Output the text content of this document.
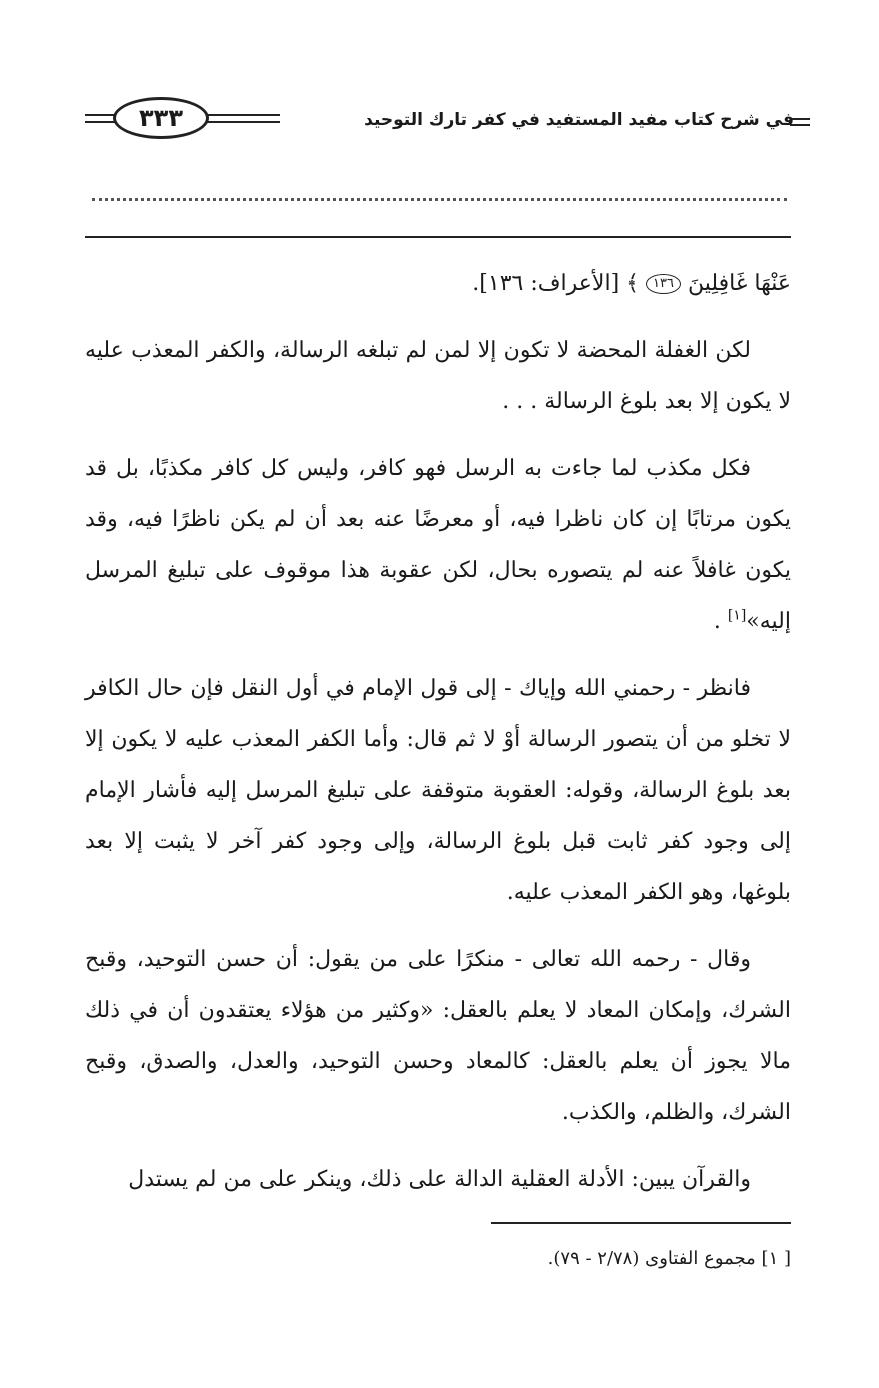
في شرح كتاب مفيد المستفيد في كفر تارك التوحيد
٣٣٣

عَنْهَا غَافِلِينَ ١٣٦ ﴾ [الأعراف: ١٣٦].

لكن الغفلة المحضة لا تكون إلا لمن لم تبلغه الرسالة، والكفر المعذب عليه لا يكون إلا بعد بلوغ الرسالة . . .

فكل مكذب لما جاءت به الرسل فهو كافر، وليس كل كافر مكذبًا، بل قد يكون مرتابًا إن كان ناظرا فيه، أو معرضًا عنه بعد أن لم يكن ناظرًا فيه، وقد يكون غافلاً عنه لم يتصوره بحال، لكن عقوبة هذا موقوف على تبليغ المرسل إليه»[١] .

فانظر - رحمني الله وإياك - إلى قول الإمام في أول النقل فإن حال الكافر لا تخلو من أن يتصور الرسالة أوْ لا ثم قال: وأما الكفر المعذب عليه لا يكون إلا بعد بلوغ الرسالة، وقوله: العقوبة متوقفة على تبليغ المرسل إليه فأشار الإمام إلى وجود كفر ثابت قبل بلوغ الرسالة، وإلى وجود كفر آخر لا يثبت إلا بعد بلوغها، وهو الكفر المعذب عليه.

وقال - رحمه الله تعالى - منكرًا على من يقول: أن حسن التوحيد، وقبح الشرك، وإمكان المعاد لا يعلم بالعقل: «وكثير من هؤلاء يعتقدون أن في ذلك مالا يجوز أن يعلم بالعقل: كالمعاد وحسن التوحيد، والعدل، والصدق، وقبح الشرك، والظلم، والكذب.

والقرآن يبين: الأدلة العقلية الدالة على ذلك، وينكر على من لم يستدل

[ ١] مجموع الفتاوى (٢/٧٨ - ٧٩).
